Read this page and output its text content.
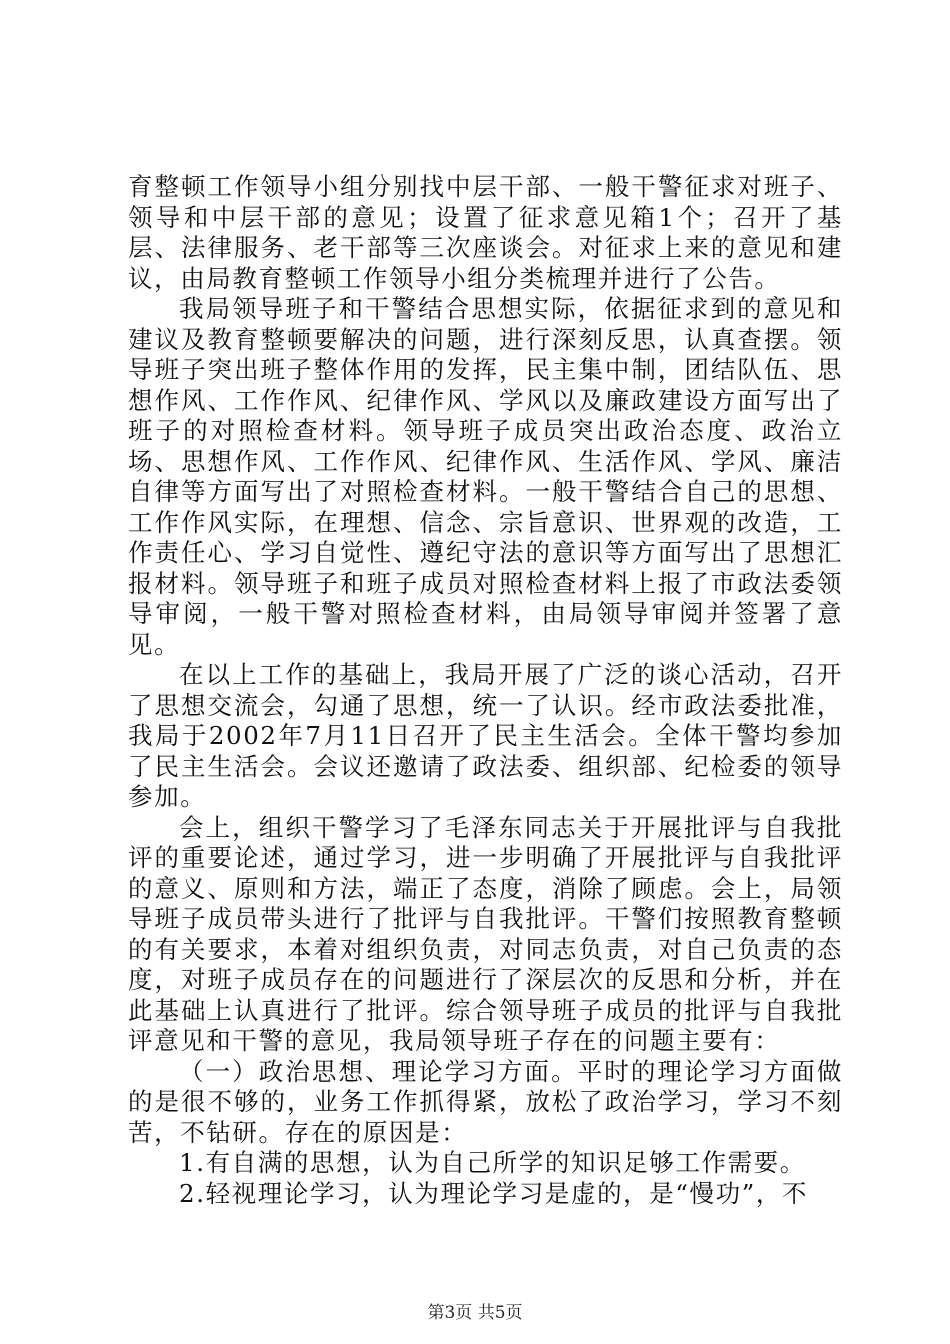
育整顿工作领导小组分别找中层干部、一般干警征求对班子、领导和中层干部的意见；设置了征求意见箱1个；召开了基层、法律服务、老干部等三次座谈会。对征求上来的意见和建议，由局教育整顿工作领导小组分类梳理并进行了公告。

我局领导班子和干警结合思想实际，依据征求到的意见和建议及教育整顿要解决的问题，进行深刻反思，认真查摆。领导班子突出班子整体作用的发挥，民主集中制，团结队伍、思想作风、工作作风、纪律作风、学风以及廉政建设方面写出了班子的对照检查材料。领导班子成员突出政治态度、政治立场、思想作风、工作作风、纪律作风、生活作风、学风、廉洁自律等方面写出了对照检查材料。一般干警结合自己的思想、工作作风实际，在理想、信念、宗旨意识、世界观的改造，工作责任心、学习自觉性、遵纪守法的意识等方面写出了思想汇报材料。领导班子和班子成员对照检查材料上报了市政法委领导审阅，一般干警对照检查材料，由局领导审阅并签署了意见。

在以上工作的基础上，我局开展了广泛的谈心活动，召开了思想交流会，勾通了思想，统一了认识。经市政法委批准，我局于2002年7月11日召开了民主生活会。全体干警均参加了民主生活会。会议还邀请了政法委、组织部、纪检委的领导参加。

会上，组织干警学习了毛泽东同志关于开展批评与自我批评的重要论述，通过学习，进一步明确了开展批评与自我批评的意义、原则和方法，端正了态度，消除了顾虑。会上，局领导班子成员带头进行了批评与自我批评。干警们按照教育整顿的有关要求，本着对组织负责，对同志负责，对自己负责的态度，对班子成员存在的问题进行了深层次的反思和分析，并在此基础上认真进行了批评。综合领导班子成员的批评与自我批评意见和干警的意见，我局领导班子存在的问题主要有：

（一）政治思想、理论学习方面。平时的理论学习方面做的是很不够的，业务工作抓得紧，放松了政治学习，学习不刻苦，不钻研。存在的原因是：

1.有自满的思想，认为自己所学的知识足够工作需要。

2.轻视理论学习，认为理论学习是虚的，是“慢功”，不

第3页 共5页
